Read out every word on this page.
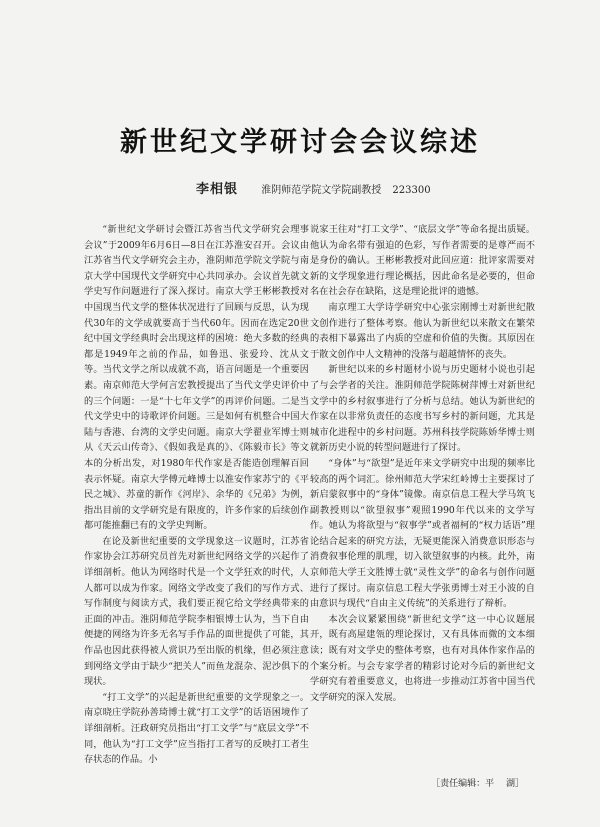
新世纪文学研讨会会议综述
李相银 淮阴师范学院文学院副教授 223300

“新世纪文学研讨会暨江苏省当代文学研究会理事会议”于2009年6月6日—8日在江苏淮安召开。会议由江苏省当代文学研究会主办，淮阴师范学院文学院与南京大学中国现代文学研究中心共同承办。会议首先就文学史写作问题进行了深入探讨。南京大学王彬彬教授对中国现当代文学的整体状况进行了回顾与反思，认为现代30年的文学成就要高于当代60年。因而在选定20世纪中国文学经典时会出现这样的困境：绝大多数的经典都是1949年之前的作品，如鲁迅、张爱玲、沈从文等。当代文学之所以成就不高，语言问题是一个重要因素。南京师范大学何言宏教授提出了当代文学史评价中的三个问题：一是“十七年文学”的再评价问题。二是当代文学史中的诗歌评价问题。三是如何有机整合中国大陆与香港、台湾的文学史问题。南京大学翟业军博士则从《天云山传奇》、《假如我是真的》、《陈毅市长》等文本的分析出发，对1980年代作家是否能造创理解百回表示怀疑。南京大学傅元峰博士以淮安作家苏宁的《平民之城》、苏童的新作《河岸》、余华的《兄弟》为例，指出目前的文学研究是有限度的，许多作家的后续创作都可能推翻已有的文学史判断。

在论及新世纪重要的文学现象这一议题时，江苏省作家协会江苏研究员首先对新世纪网络文学的兴起作了详细剖析。他认为网络时代是一个文学狂欢的时代，人人都可以成为作家。网络文学改变了我们的写作方式、写作制度与阅读方式，我们要正视它给文学经典带来的正面的冲击。淮阴师范学院李相银博士认为，当下自由便捷的网络为许多无名写手作品的面世提供了可能，其作品也因此获得被人赏识乃至出版的机缘，但必须注意到网络文学由于缺少“把关人”而鱼龙混杂、泥沙俱下的现状。

“打工文学”的兴起是新世纪重要的文学现象之一。南京晓庄学院孙善琦博士就“打工文学”的话语困境作了详细剖析。汪政研究员指出“打工文学”与“底层文学”不同，他认为“打工文学”应当指打工者写的反映打工者生存状态的作品。小

说家王往对“打工文学”、“底层文学”等命名提出质疑。他认为命名带有强迫的色彩，写作者需要的是尊严而不是身份的确认。王彬彬教授对此回应道：批评家需要对新的文学现象进行理论概括，因此命名是必要的，但命名在社会存在缺陷，这是理论批评的遗憾。

南京理工大学诗学研究中心张宗刚博士对新世纪散文创作进行了整体考察。他认为新世纪以来散文在繁荣的表相下暴露出了内质的空虚和价值的失衡。其原因在于散文创作中人文精神的没落与超越情怀的丧失。

新世纪以来的乡村题材小说与历史题材小说也引起了与会学者的关注。淮阴师范学院陈树萍博士对新世纪文学中的乡村叙事进行了分析与总结。她认为新世纪的作家在以非常负责任的态度书写乡村的新问题，尤其是城市化进程中的乡村问题。苏州科技学院陈娇华博士则就新历史小说的转型问题进行了探讨。

“身体”与“欲望”是近年来文学研究中出现的频率比较高的两个词汇。徐州师范大学宋红岭博士主要探讨了新启蒙叙事中的“身体”镜像。南京信息工程大学马筑飞副教授则以“欲望叙事”观照1990年代以来的文学写作。她认为将欲望与“叙事学”或者福柯的“权力话语”理论结合起来的研究方法，无疑更能深入消费意识形态与消费叙事伦理的肌理，切入欲望叙事的内核。此外，南京师范大学王文胜博士就“灵性文学”的命名与创作问题进行了探讨。南京信息工程大学张勇博士对王小波的自由意识与现代“自由主义传统”的关系进行了辩析。

本次会议紧紧围绕“新世纪文学”这一中心议题展开，既有高屋建瓴的理论探讨，又有具体而微的文本细读；既有对文学史的整体考察，也有对具体作家作品的个案分析。与会专家学者的精彩讨论对今后的新世纪文学研究有着重要意义，也将进一步推动江苏省中国当代文学研究的深入发展。

［责任编辑：平　 湖］
